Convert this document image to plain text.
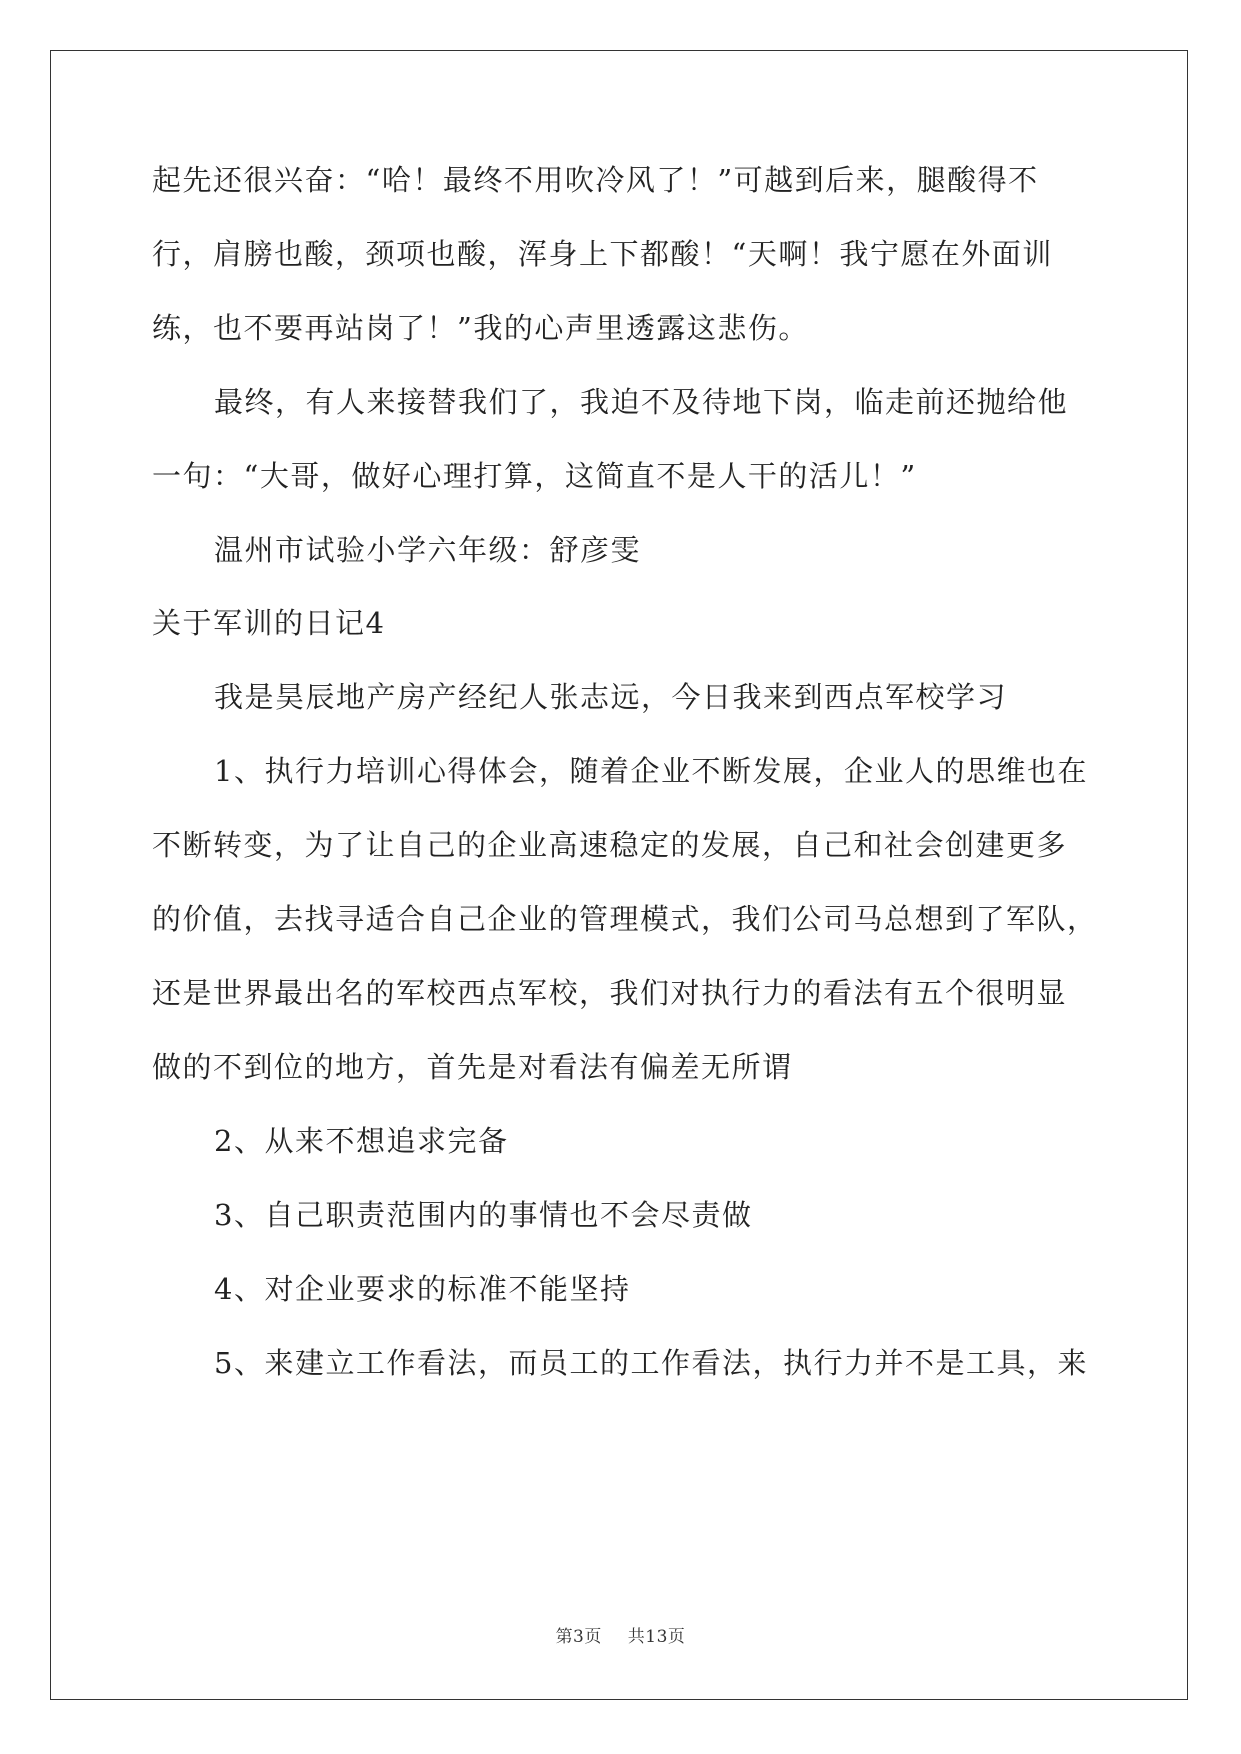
起先还很兴奋：“哈！最终不用吹冷风了！”可越到后来，腿酸得不
行，肩膀也酸，颈项也酸，浑身上下都酸！“天啊！我宁愿在外面训
练，也不要再站岗了！”我的心声里透露这悲伤。
最终，有人来接替我们了，我迫不及待地下岗，临走前还抛给他
一句：“大哥，做好心理打算，这简直不是人干的活儿！”
温州市试验小学六年级：舒彦雯
关于军训的日记4
我是昊辰地产房产经纪人张志远，今日我来到西点军校学习
1、执行力培训心得体会，随着企业不断发展，企业人的思维也在
不断转变，为了让自己的企业高速稳定的发展，自己和社会创建更多
的价值，去找寻适合自己企业的管理模式，我们公司马总想到了军队，
还是世界最出名的军校西点军校，我们对执行力的看法有五个很明显
做的不到位的地方，首先是对看法有偏差无所谓
2、从来不想追求完备
3、自己职责范围内的事情也不会尽责做
4、对企业要求的标准不能坚持
5、来建立工作看法，而员工的工作看法，执行力并不是工具，来
第3页 共13页
